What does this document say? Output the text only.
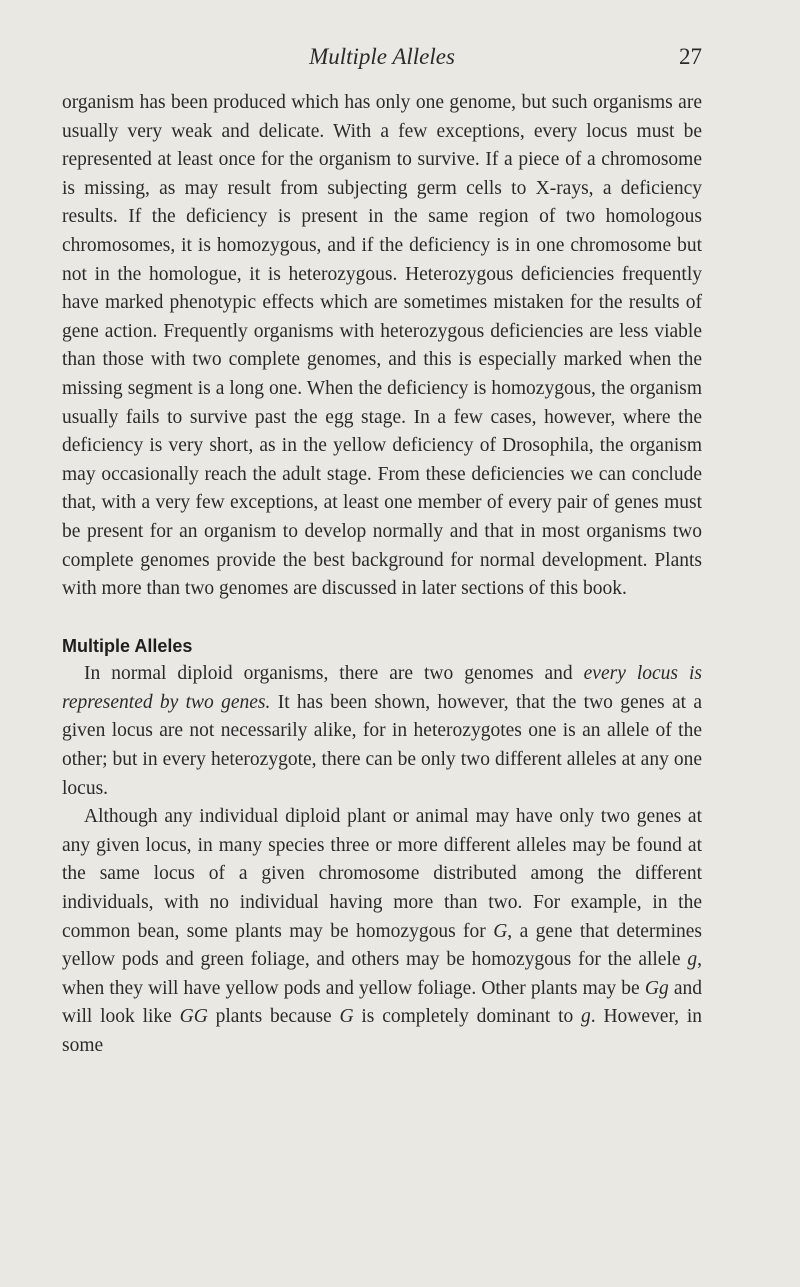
Multiple Alleles	27

organism has been produced which has only one genome, but such organisms are usually very weak and delicate. With a few exceptions, every locus must be represented at least once for the organism to survive. If a piece of a chromosome is missing, as may result from subjecting germ cells to X-rays, a deficiency results. If the deficiency is present in the same region of two homologous chromosomes, it is homozygous, and if the deficiency is in one chromosome but not in the homologue, it is heterozygous. Heterozygous deficiencies frequently have marked phenotypic effects which are sometimes mistaken for the results of gene action. Frequently organisms with heterozygous deficiencies are less viable than those with two complete genomes, and this is especially marked when the missing segment is a long one. When the deficiency is homozygous, the organism usually fails to survive past the egg stage. In a few cases, however, where the deficiency is very short, as in the yellow deficiency of Drosophila, the organism may occasionally reach the adult stage. From these deficiencies we can conclude that, with a very few exceptions, at least one member of every pair of genes must be present for an organism to develop normally and that in most organisms two complete genomes provide the best background for normal development. Plants with more than two genomes are discussed in later sections of this book.

Multiple Alleles

In normal diploid organisms, there are two genomes and every locus is represented by two genes. It has been shown, however, that the two genes at a given locus are not necessarily alike, for in heterozygotes one is an allele of the other; but in every heterozygote, there can be only two different alleles at any one locus.

Although any individual diploid plant or animal may have only two genes at any given locus, in many species three or more different alleles may be found at the same locus of a given chromosome distributed among the different individuals, with no individual having more than two. For example, in the common bean, some plants may be homozygous for G, a gene that determines yellow pods and green foliage, and others may be homozygous for the allele g, when they will have yellow pods and yellow foliage. Other plants may be Gg and will look like GG plants because G is completely dominant to g. However, in some
